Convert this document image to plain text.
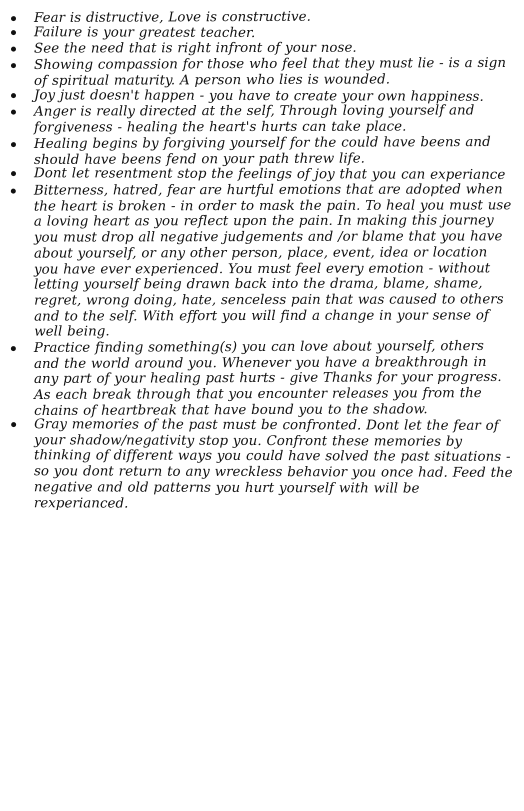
Fear is distructive, Love is constructive.
Failure is your greatest teacher.
See the need that is right infront of your nose.
Showing compassion for those who feel that they must lie - is a sign of spiritual maturity. A person who lies is wounded.
Joy just doesn't happen - you have to create your own happiness.
Anger is really directed at the self, Through loving yourself and forgiveness - healing the heart's hurts can take place.
Healing begins by forgiving yourself for the could have beens and should have beens fend on your path threw life.
Dont let resentment stop the feelings of joy that you can experiance
Bitterness, hatred, fear are hurtful emotions that are adopted when the heart is broken - in order to mask the pain. To heal you must use a loving heart as you reflect upon the pain. In making this journey you must drop all negative judgements and /or blame that you have about yourself, or any other person, place, event, idea or location you have ever experienced. You must feel every emotion - without letting yourself being drawn back into the drama, blame, shame, regret, wrong doing, hate, senceless pain that was caused to others and to the self. With effort you will find a change in your sense of well being.
Practice finding something(s) you can love about yourself, others and the world around you. Whenever you have a breakthrough in any part of your healing past hurts - give Thanks for your progress. As each break through that you encounter releases you from the chains of heartbreak that have bound you to the shadow.
Gray memories of the past must be confronted. Dont let the fear of your shadow/negativity stop you. Confront these memories by thinking of different ways you could have solved the past situations - so you dont return to any wreckless behavior you once had. Feed the negative and old patterns you hurt yourself with will be rexperianced.
